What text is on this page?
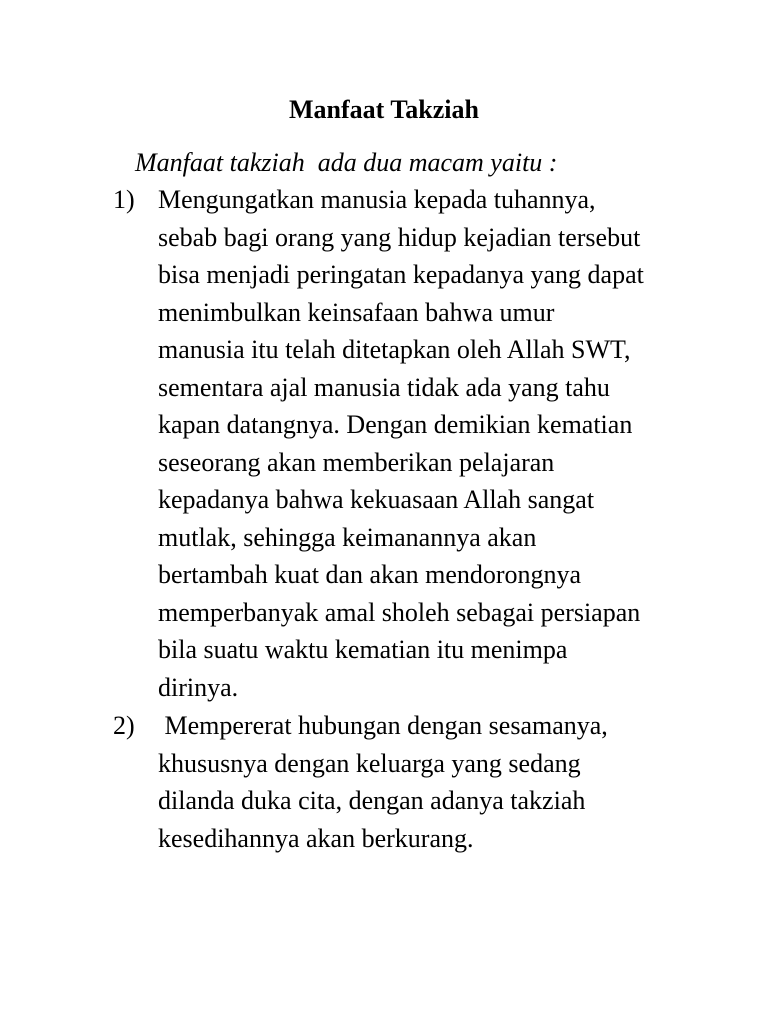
Manfaat Takziah
Manfaat takziah  ada dua macam yaitu :
1) Mengungatkan manusia kepada tuhannya,
sebab bagi orang yang hidup kejadian tersebut
bisa menjadi peringatan kepadanya yang dapat
menimbulkan keinsafaan bahwa umur
manusia itu telah ditetapkan oleh Allah SWT,
sementara ajal manusia tidak ada yang tahu
kapan datangnya. Dengan demikian kematian
seseorang akan memberikan pelajaran
kepadanya bahwa kekuasaan Allah sangat
mutlak, sehingga keimanannya akan
bertambah kuat dan akan mendorongnya
memperbanyak amal sholeh sebagai persiapan
bila suatu waktu kematian itu menimpa
dirinya.
2) Mempererat hubungan dengan sesamanya,
khususnya dengan keluarga yang sedang
dilanda duka cita, dengan adanya takziah
kesedihannya akan berkurang.
